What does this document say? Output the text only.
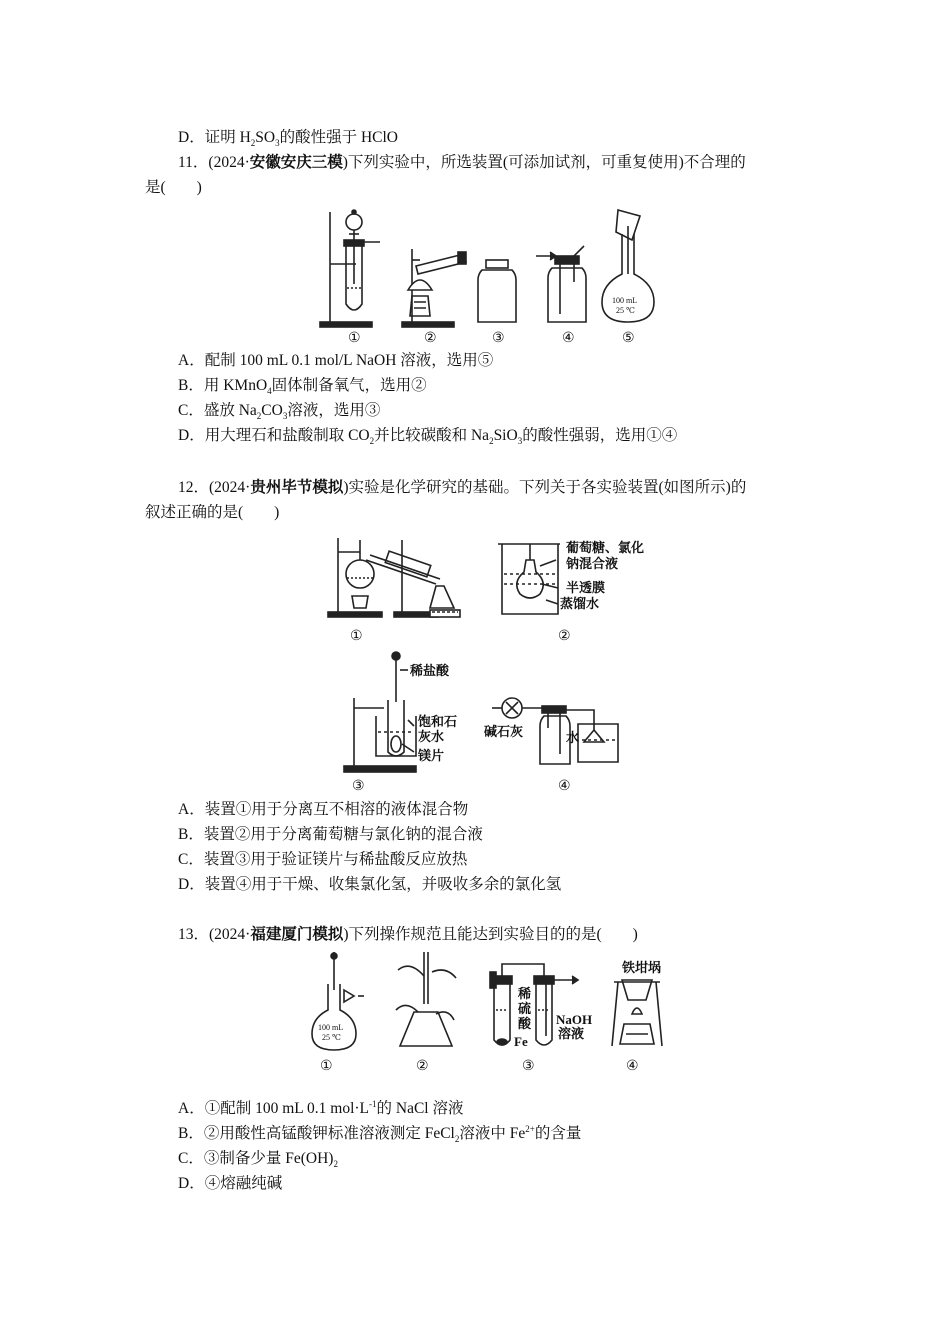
D．证明 $H_2SO_3$的酸性强于 HClO
11．(2024·安徽安庆三模)下列实验中，所选装置(可添加试剂，可重复使用)不合理的
是(　　)
100 mL
25 ℃
①	②	③	④	⑤
A．配制 100 mL 0.1 mol/L NaOH 溶液，选用⑤
B．用 KMnO$_4$固体制备氧气，选用②
C．盛放 $Na_2CO_3$溶液，选用③
D．用大理石和盐酸制取 $CO_2$并比较碳酸和 $Na_2SiO_3$的酸性强弱，选用①④
12．(2024·贵州毕节模拟)实验是化学研究的基础。下列关于各实验装置(如图所示)的
叙述正确的是(　　)
葡萄糖、氯化
钠混合液
半透膜
蒸馏水
稀盐酸
饱和石
灰水
镁片
碱石灰	水
①	②
③	④
A．装置①用于分离互不相溶的液体混合物
B．装置②用于分离葡萄糖与氯化钠的混合液
C．装置③用于验证镁片与稀盐酸反应放热
D．装置④用于干燥、收集氯化氢，并吸收多余的氯化氢
13．(2024·福建厦门模拟)下列操作规范且能达到实验目的的是(　　)
100 mL
25 ℃
稀
硫
酸
Fe
NaOH
溶液
铁坩埚
①	②	③	④
A．①配制 100 mL 0.1 $mol\cdot L^{-1}$的 NaCl 溶液
B．②用酸性高锰酸钾标准溶液测定 FeCl$_2$溶液中 $Fe^{2+}$的含量
C．③制备少量 $Fe(OH)_2$
D．④熔融纯碱
